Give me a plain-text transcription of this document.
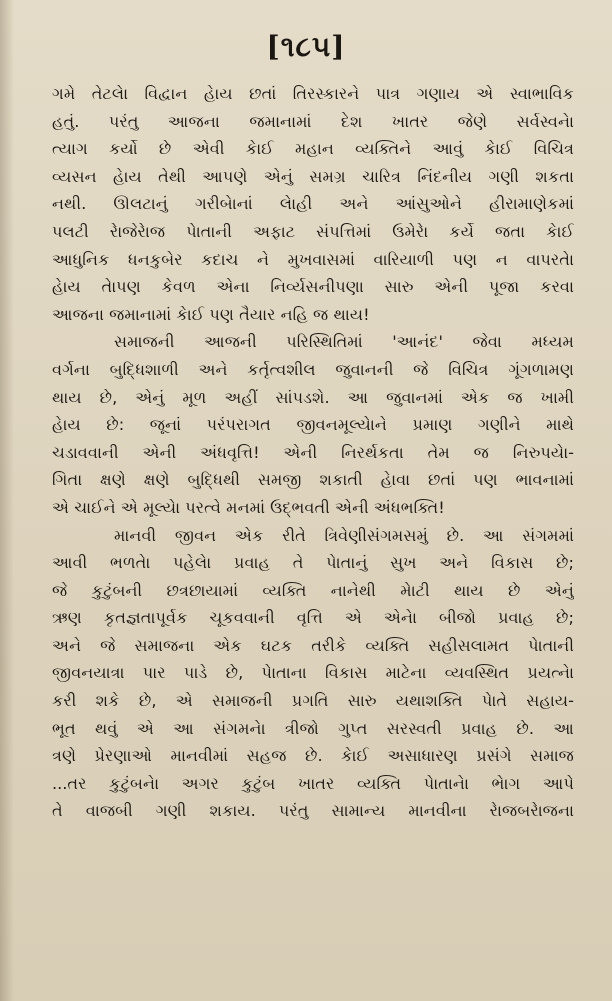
[૧૮૫]
ગમે તેટલેા વિદ્વાન હેાય છતાં તિરસ્કારને પાત્ર ગણાય એ સ્વાભાવિક
હતું. પરંતુ આજના જમાનામાં દેશ ખાતર જેણે સર્વસ્વનેા
ત્યાગ કર્યો છે એવી કેાઈ મહાન વ્યક્તિને આવું કેાઈ વિચિત્ર
વ્યસન હેાય તેથી આપણે એનું સમગ્ર ચારિત્ર નિંદનીય ગણી શકતા
નથી. ઊલટાનું ગરીબેાનાં લેાહી અને આંસુઓને હીરામાણેકમાં
પલટી રેાજેરેાજ પેાતાની અફાટ સંપત્તિમાં ઉમેરેા કર્યે જતા કેાઈ
આધુનિક ધનકુબેર કદાચ ને મુખવાસમાં વારિયાળી પણ ન વાપરતેા
હેાય તેાપણ કેવળ એના નિર્વ્યસનીપણા સારુ એની પૂજા કરવા
આજના જમાનામાં કેાઈ પણ તૈયાર નહિ જ થાય!
સમાજની આજની પરિસ્થિતિમાં 'આનંદ' જેવા મધ્યમ
વર્ગના બુદ્ધિશાળી અને કર્તૃત્વશીલ જુવાનની જે વિચિત્ર ગૂંગળામણ
થાય છે, એનું મૂળ અહીં સાંપડશે. આ જુવાનમાં એક જ ખામી
હેાય છે: જૂનાં પરંપરાગત જીવનમૂલ્યેાને પ્રમાણ ગણીને માથે
ચડાવવાની એની અંધવૃત્તિ! એની નિરર્થકતા તેમ જ નિરુપયેા-
ગિતા ક્ષણે ક્ષણે બુદ્ધિથી સમજી શકાતી હેાવા છતાં પણ ભાવનામાં
એ ચાઈને એ મૂલ્યેા પરત્વે મનમાં ઉદ્ભવતી એની અંધભક્તિ!
માનવી જીવન એક રીતે ત્રિવેણીસંગમસમું છે. આ સંગમમાં
આવી ભળતેા પહેલેા પ્રવાહ તે પેાતાનું સુખ અને વિકાસ છે;
જે કુટુંબની છત્રછાયામાં વ્યક્તિ નાનેથી મેાટી થાય છે એનું
ઋણ કૃતજ્ઞતાપૂર્વક ચૂકવવાની વૃત્તિ એ એનેા બીજો પ્રવાહ છે;
અને જે સમાજના એક ઘટક તરીકે વ્યક્તિ સહીસલામત પેાતાની
જીવનયાત્રા પાર પાડે છે, પેાતાના વિકાસ માટેના વ્યવસ્થિત પ્રયત્નેા
કરી શકે છે, એ સમાજની પ્રગતિ સારુ યથાશક્તિ પેાતે સહાય-
ભૂત થવું એ આ સંગમનેા ત્રીજો ગુપ્ત સરસ્વતી પ્રવાહ છે. આ
ત્રણે પ્રેરણાઓ માનવીમાં સહજ છે. કેાઈ અસાધારણ પ્રસંગે સમાજ
...તર કુટુંબનેા અગર કુટુંબ ખાતર વ્યક્તિ પેાતાનેા ભેાગ આપે
તે વાજબી ગણી શકાય. પરંતુ સામાન્ય માનવીના રેાજબરેાજના
